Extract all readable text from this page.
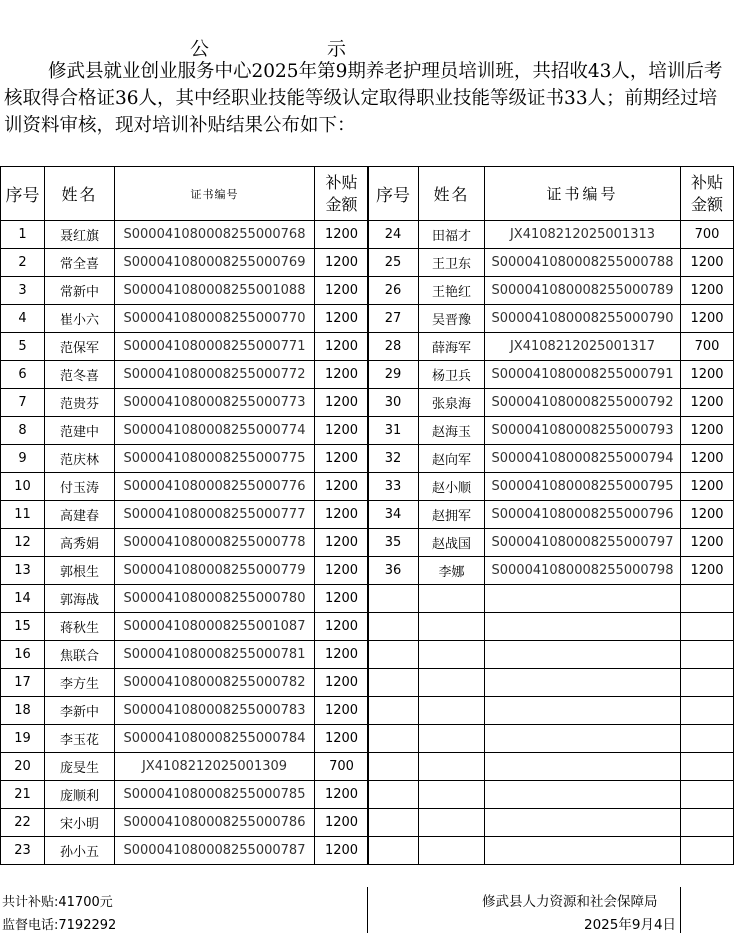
公	示
修武县就业创业服务中心2025年第9期养老护理员培训班，共招收43人，培训后考核取得合格证36人，其中经职业技能等级认定取得职业技能等级证书33人；前期经过培训资料审核，现对培训补贴结果公布如下：
序号	姓名	证书编号	补贴
金额
1	聂红旗	S000041080008255000768	1200
2	常全喜	S000041080008255000769	1200
3	常新中	S000041080008255001088	1200
4	崔小六	S000041080008255000770	1200
5	范保军	S000041080008255000771	1200
6	范冬喜	S000041080008255000772	1200
7	范贵芬	S000041080008255000773	1200
8	范建中	S000041080008255000774	1200
9	范庆林	S000041080008255000775	1200
10	付玉涛	S000041080008255000776	1200
11	高建春	S000041080008255000777	1200
12	高秀娟	S000041080008255000778	1200
13	郭根生	S000041080008255000779	1200
14	郭海战	S000041080008255000780	1200
15	蒋秋生	S000041080008255001087	1200
16	焦联合	S000041080008255000781	1200
17	李方生	S000041080008255000782	1200
18	李新中	S000041080008255000783	1200
19	李玉花	S000041080008255000784	1200
20	庞旻生	JX4108212025001309	700
21	庞顺利	S000041080008255000785	1200
22	宋小明	S000041080008255000786	1200
23	孙小五	S000041080008255000787	1200
序号	姓名	证书编号	补贴
金额
24	田福才	JX4108212025001313	700
25	王卫东	S000041080008255000788	1200
26	王艳红	S000041080008255000789	1200
27	吴晋豫	S000041080008255000790	1200
28	薛海军	JX4108212025001317	700
29	杨卫兵	S000041080008255000791	1200
30	张泉海	S000041080008255000792	1200
31	赵海玉	S000041080008255000793	1200
32	赵向军	S000041080008255000794	1200
33	赵小顺	S000041080008255000795	1200
34	赵拥军	S000041080008255000796	1200
35	赵战国	S000041080008255000797	1200
36	李娜	S000041080008255000798	1200

共计补贴:41700元
监督电话:7192292
修武县人力资源和社会保障局
2025年9月4日
